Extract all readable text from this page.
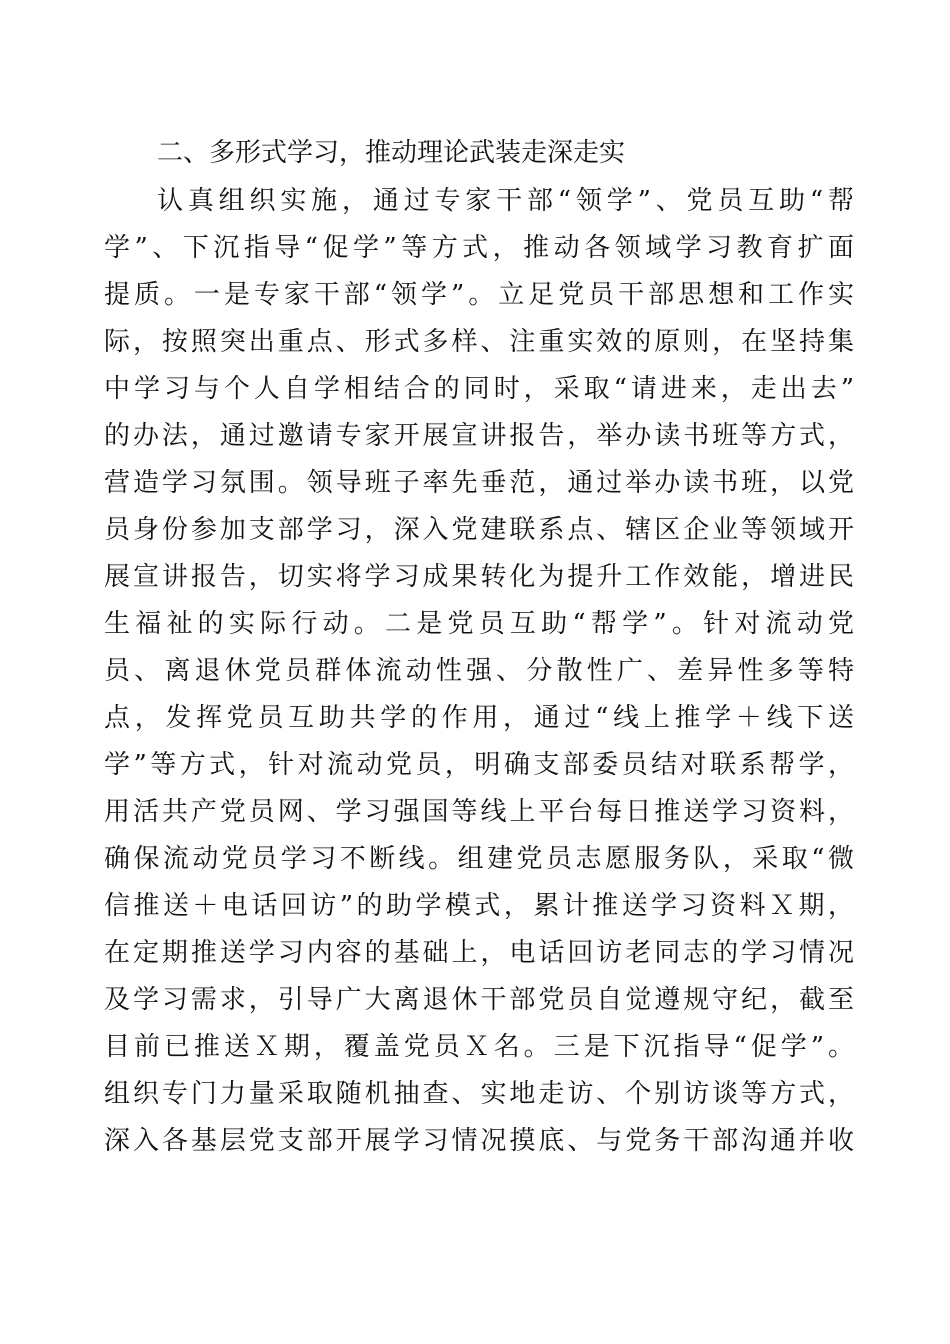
二、多形式学习，推动理论武装走深走实

认真组织实施，通过专家干部“领学”、党员互助“帮

学”、下沉指导“促学”等方式，推动各领域学习教育扩面

提质。一是专家干部“领学”。立足党员干部思想和工作实

际，按照突出重点、形式多样、注重实效的原则，在坚持集

中学习与个人自学相结合的同时，采取“请进来，走出去”

的办法，通过邀请专家开展宣讲报告，举办读书班等方式，

营造学习氛围。领导班子率先垂范，通过举办读书班，以党

员身份参加支部学习，深入党建联系点、辖区企业等领域开

展宣讲报告，切实将学习成果转化为提升工作效能，增进民

生福祉的实际行动。二是党员互助“帮学”。针对流动党

员、离退休党员群体流动性强、分散性广、差异性多等特

点，发挥党员互助共学的作用，通过“线上推学＋线下送

学”等方式，针对流动党员，明确支部委员结对联系帮学，

用活共产党员网、学习强国等线上平台每日推送学习资料，

确保流动党员学习不断线。组建党员志愿服务队，采取“微

信推送＋电话回访”的助学模式，累计推送学习资料Ｘ期，

在定期推送学习内容的基础上，电话回访老同志的学习情况

及学习需求，引导广大离退休干部党员自觉遵规守纪，截至

目前已推送Ｘ期，覆盖党员Ｘ名。三是下沉指导“促学”。

组织专门力量采取随机抽查、实地走访、个别访谈等方式，

深入各基层党支部开展学习情况摸底、与党务干部沟通并收
